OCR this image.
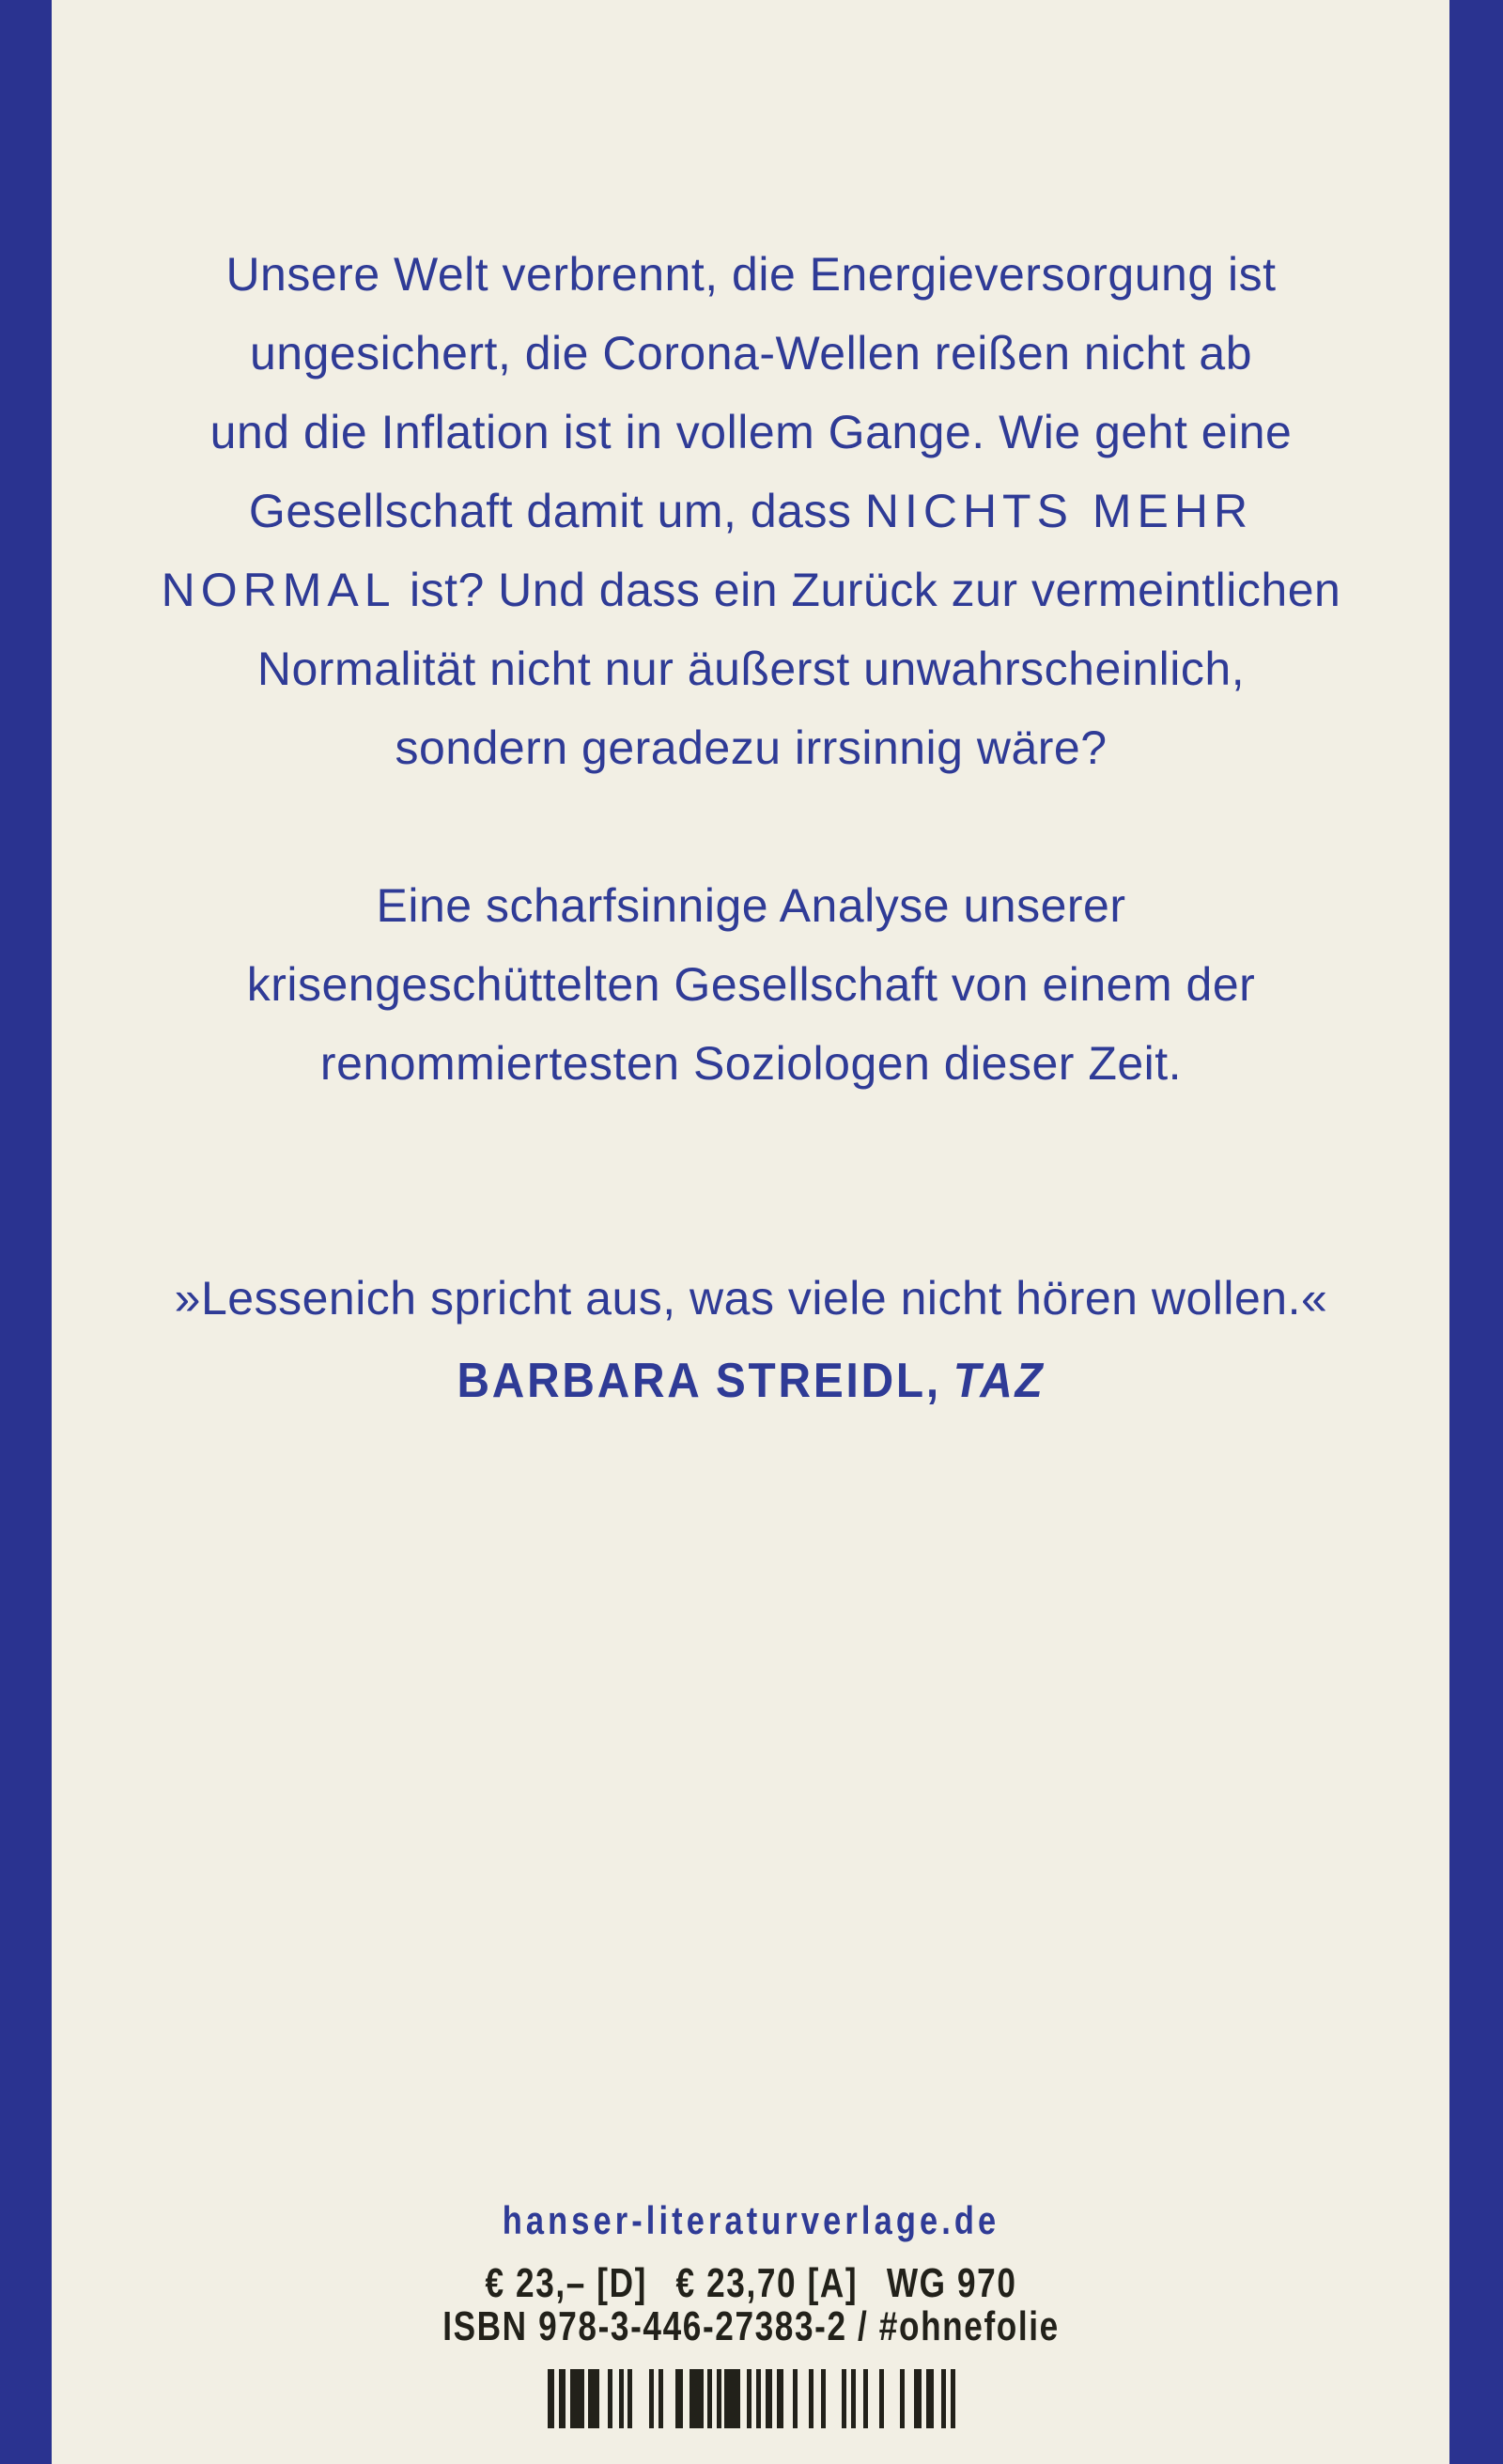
Unsere Welt verbrennt, die Energieversorgung ist
ungesichert, die Corona-Wellen reißen nicht ab
und die Inflation ist in vollem Gange. Wie geht eine
Gesellschaft damit um, dass NICHTS MEHR
NORMAL ist? Und dass ein Zurück zur vermeintlichen
Normalität nicht nur äußerst unwahrscheinlich,
sondern geradezu irrsinnig wäre?
Eine scharfsinnige Analyse unserer
krisengeschüttelten Gesellschaft von einem der
renommiertesten Soziologen dieser Zeit.
»Lessenich spricht aus, was viele nicht hören wollen.«
BARBARA STREIDL, TAZ
hanser-literaturverlage.de
€ 23,– [D]  € 23,70 [A]  WG 970
ISBN 978-3-446-27383-2 / #ohnefolie
